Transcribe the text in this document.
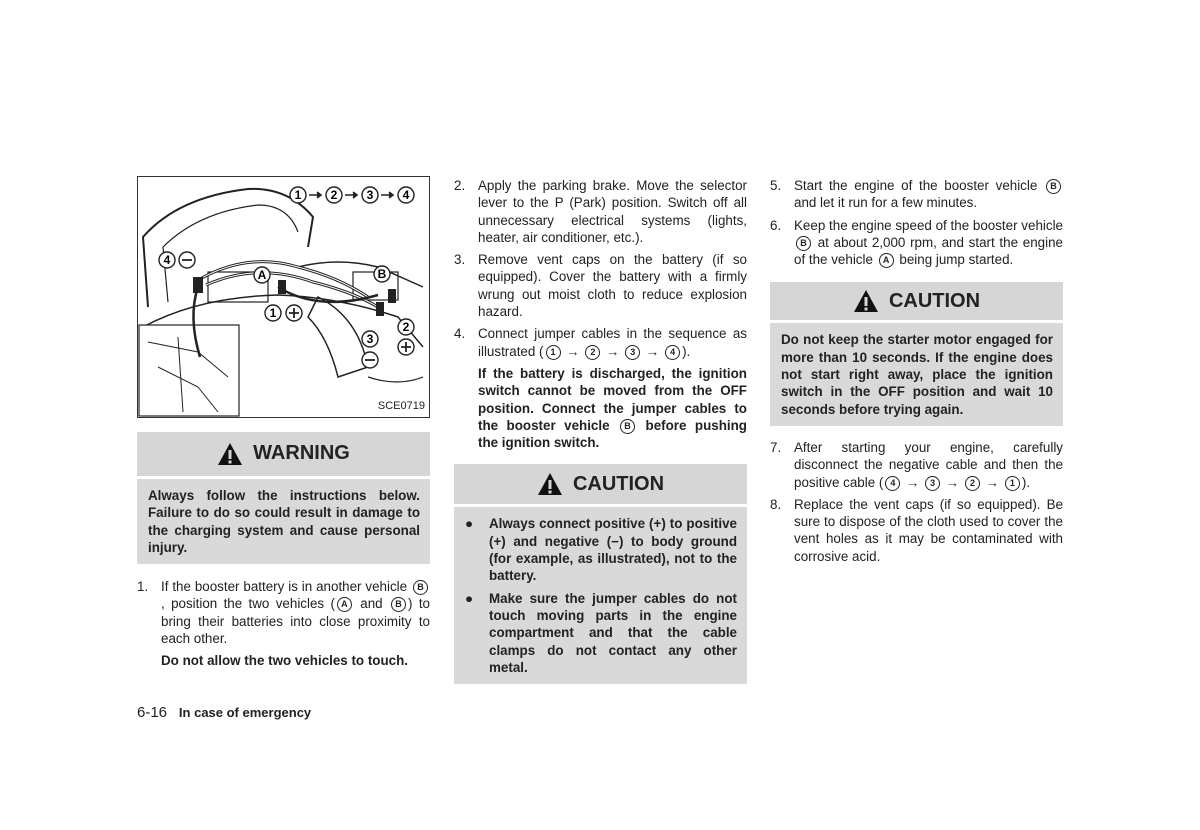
1 2 3 4
4
A	B
1
2
3
SCE0719
WARNING
Always follow the instructions below. Failure to do so could result in damage to the charging system and cause personal injury.
1. If the booster battery is in another vehicle B , position the two vehicles ( A and B ) to bring their batteries into close proximity to each other.
Do not allow the two vehicles to touch.
2. Apply the parking brake. Move the selector lever to the P (Park) position. Switch off all unnecessary electrical systems (lights, heater, air conditioner, etc.).
3. Remove vent caps on the battery (if so equipped). Cover the battery with a firmly wrung out moist cloth to reduce explosion hazard.
4. Connect jumper cables in the sequence as illustrated ( 1 → 2 → 3 → 4 ).
If the battery is discharged, the ignition switch cannot be moved from the OFF position. Connect the jumper cables to the booster vehicle B before pushing the ignition switch.
CAUTION
● Always connect positive (+) to positive (+) and negative (−) to body ground (for example, as illustrated), not to the battery.
● Make sure the jumper cables do not touch moving parts in the engine compartment and that the cable clamps do not contact any other metal.
5. Start the engine of the booster vehicle B and let it run for a few minutes.
6. Keep the engine speed of the booster vehicle B at about 2,000 rpm, and start the engine of the vehicle A being jump started.
CAUTION
Do not keep the starter motor engaged for more than 10 seconds. If the engine does not start right away, place the ignition switch in the OFF position and wait 10 seconds before trying again.
7. After starting your engine, carefully disconnect the negative cable and then the positive cable ( 4 → 3 → 2 → 1 ).
8. Replace the vent caps (if so equipped). Be sure to dispose of the cloth used to cover the vent holes as it may be contaminated with corrosive acid.
6-16 In case of emergency
